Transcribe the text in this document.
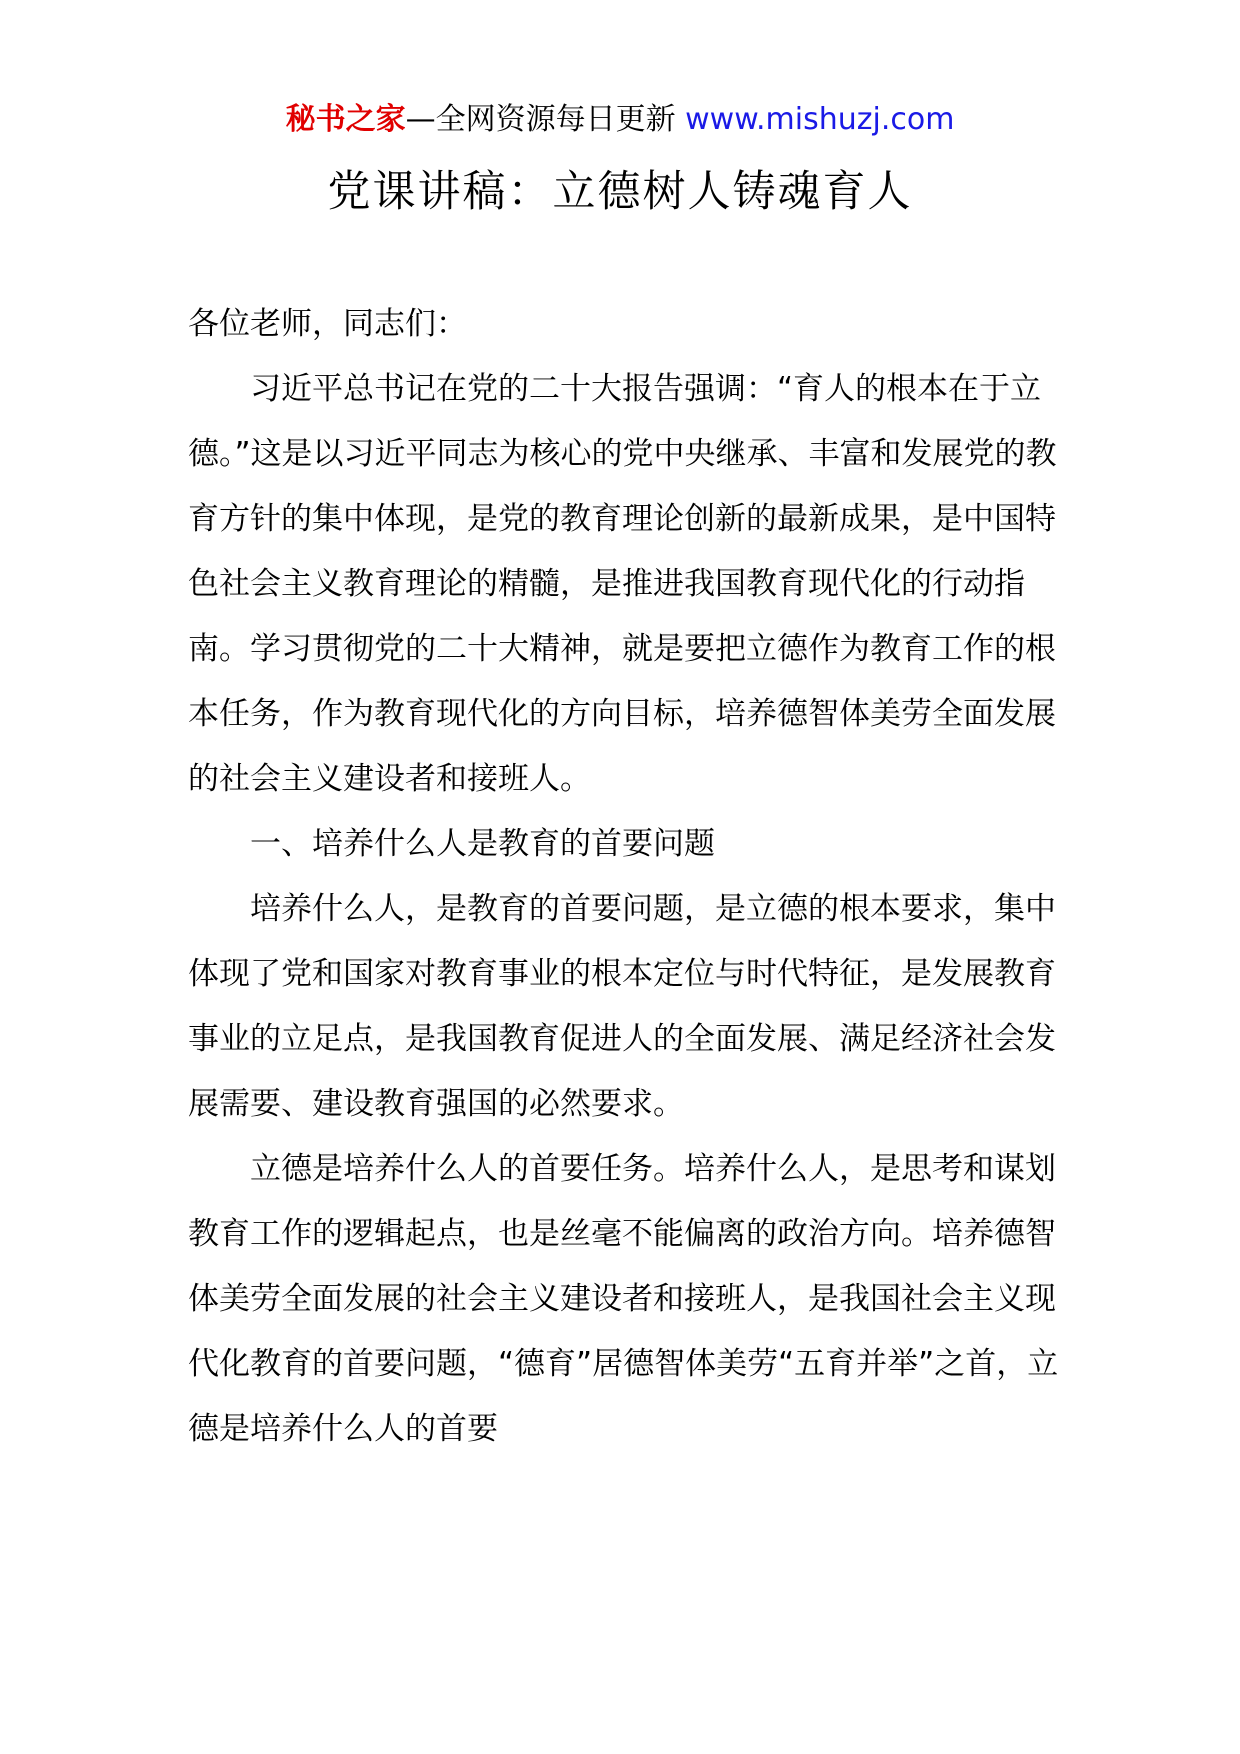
秘书之家—全网资源每日更新 www.mishuzj.com
党课讲稿：立德树人铸魂育人

各位老师，同志们：

习近平总书记在党的二十大报告强调：“育人的根本在于立德。”这是以习近平同志为核心的党中央继承、丰富和发展党的教育方针的集中体现，是党的教育理论创新的最新成果，是中国特色社会主义教育理论的精髓，是推进我国教育现代化的行动指南。学习贯彻党的二十大精神，就是要把立德作为教育工作的根本任务，作为教育现代化的方向目标，培养德智体美劳全面发展的社会主义建设者和接班人。

一、培养什么人是教育的首要问题

培养什么人，是教育的首要问题，是立德的根本要求，集中体现了党和国家对教育事业的根本定位与时代特征，是发展教育事业的立足点，是我国教育促进人的全面发展、满足经济社会发展需要、建设教育强国的必然要求。

立德是培养什么人的首要任务。培养什么人，是思考和谋划教育工作的逻辑起点，也是丝毫不能偏离的政治方向。培养德智体美劳全面发展的社会主义建设者和接班人，是我国社会主义现代化教育的首要问题，“德育”居德智体美劳“五育并举”之首，立德是培养什么人的首要
